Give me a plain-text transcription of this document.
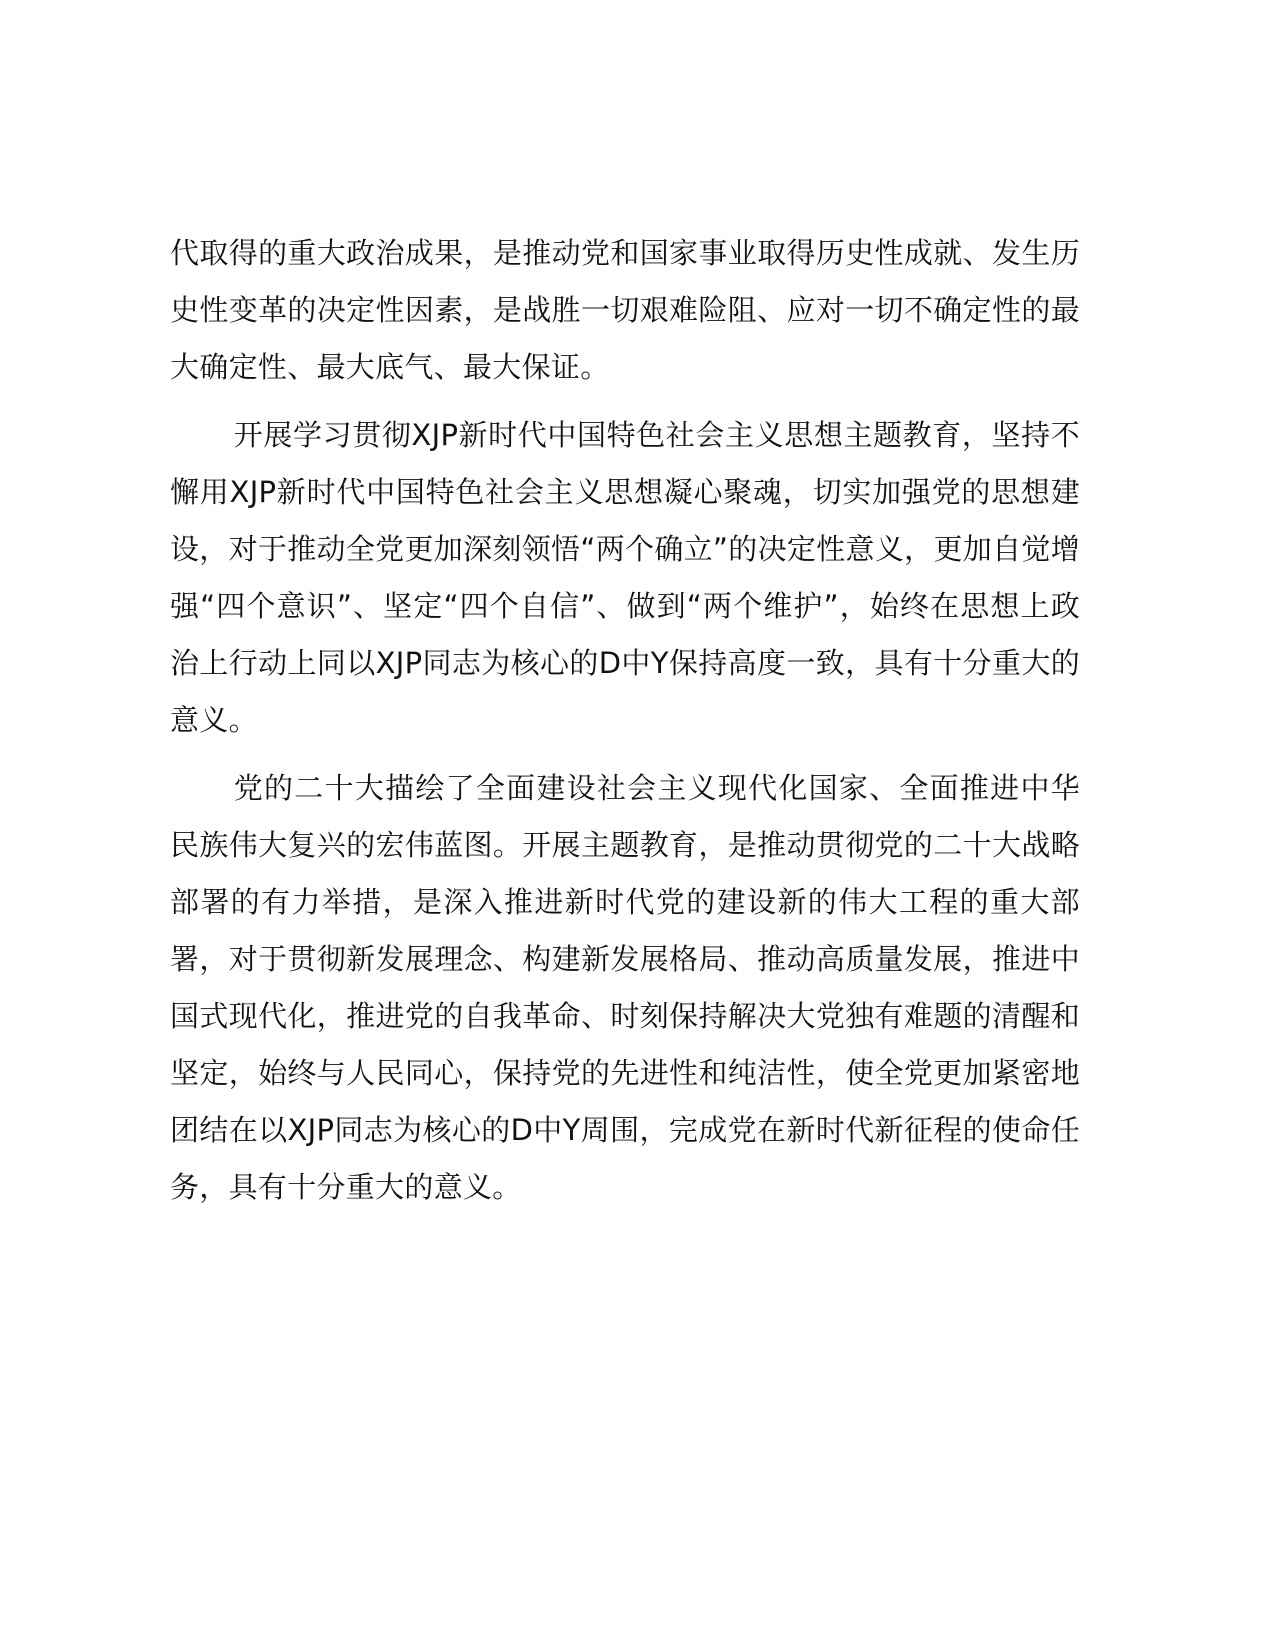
代取得的重大政治成果，是推动党和国家事业取得历史性成就、发生历史性变革的决定性因素，是战胜一切艰难险阻、应对一切不确定性的最大确定性、最大底气、最大保证。

开展学习贯彻XJP新时代中国特色社会主义思想主题教育，坚持不懈用XJP新时代中国特色社会主义思想凝心聚魂，切实加强党的思想建设，对于推动全党更加深刻领悟“两个确立”的决定性意义，更加自觉增强“四个意识”、坚定“四个自信”、做到“两个维护”，始终在思想上政治上行动上同以XJP同志为核心的D中Y保持高度一致，具有十分重大的意义。

党的二十大描绘了全面建设社会主义现代化国家、全面推进中华民族伟大复兴的宏伟蓝图。开展主题教育，是推动贯彻党的二十大战略部署的有力举措，是深入推进新时代党的建设新的伟大工程的重大部署，对于贯彻新发展理念、构建新发展格局、推动高质量发展，推进中国式现代化，推进党的自我革命、时刻保持解决大党独有难题的清醒和坚定，始终与人民同心，保持党的先进性和纯洁性，使全党更加紧密地团结在以XJP同志为核心的D中Y周围，完成党在新时代新征程的使命任务，具有十分重大的意义。
